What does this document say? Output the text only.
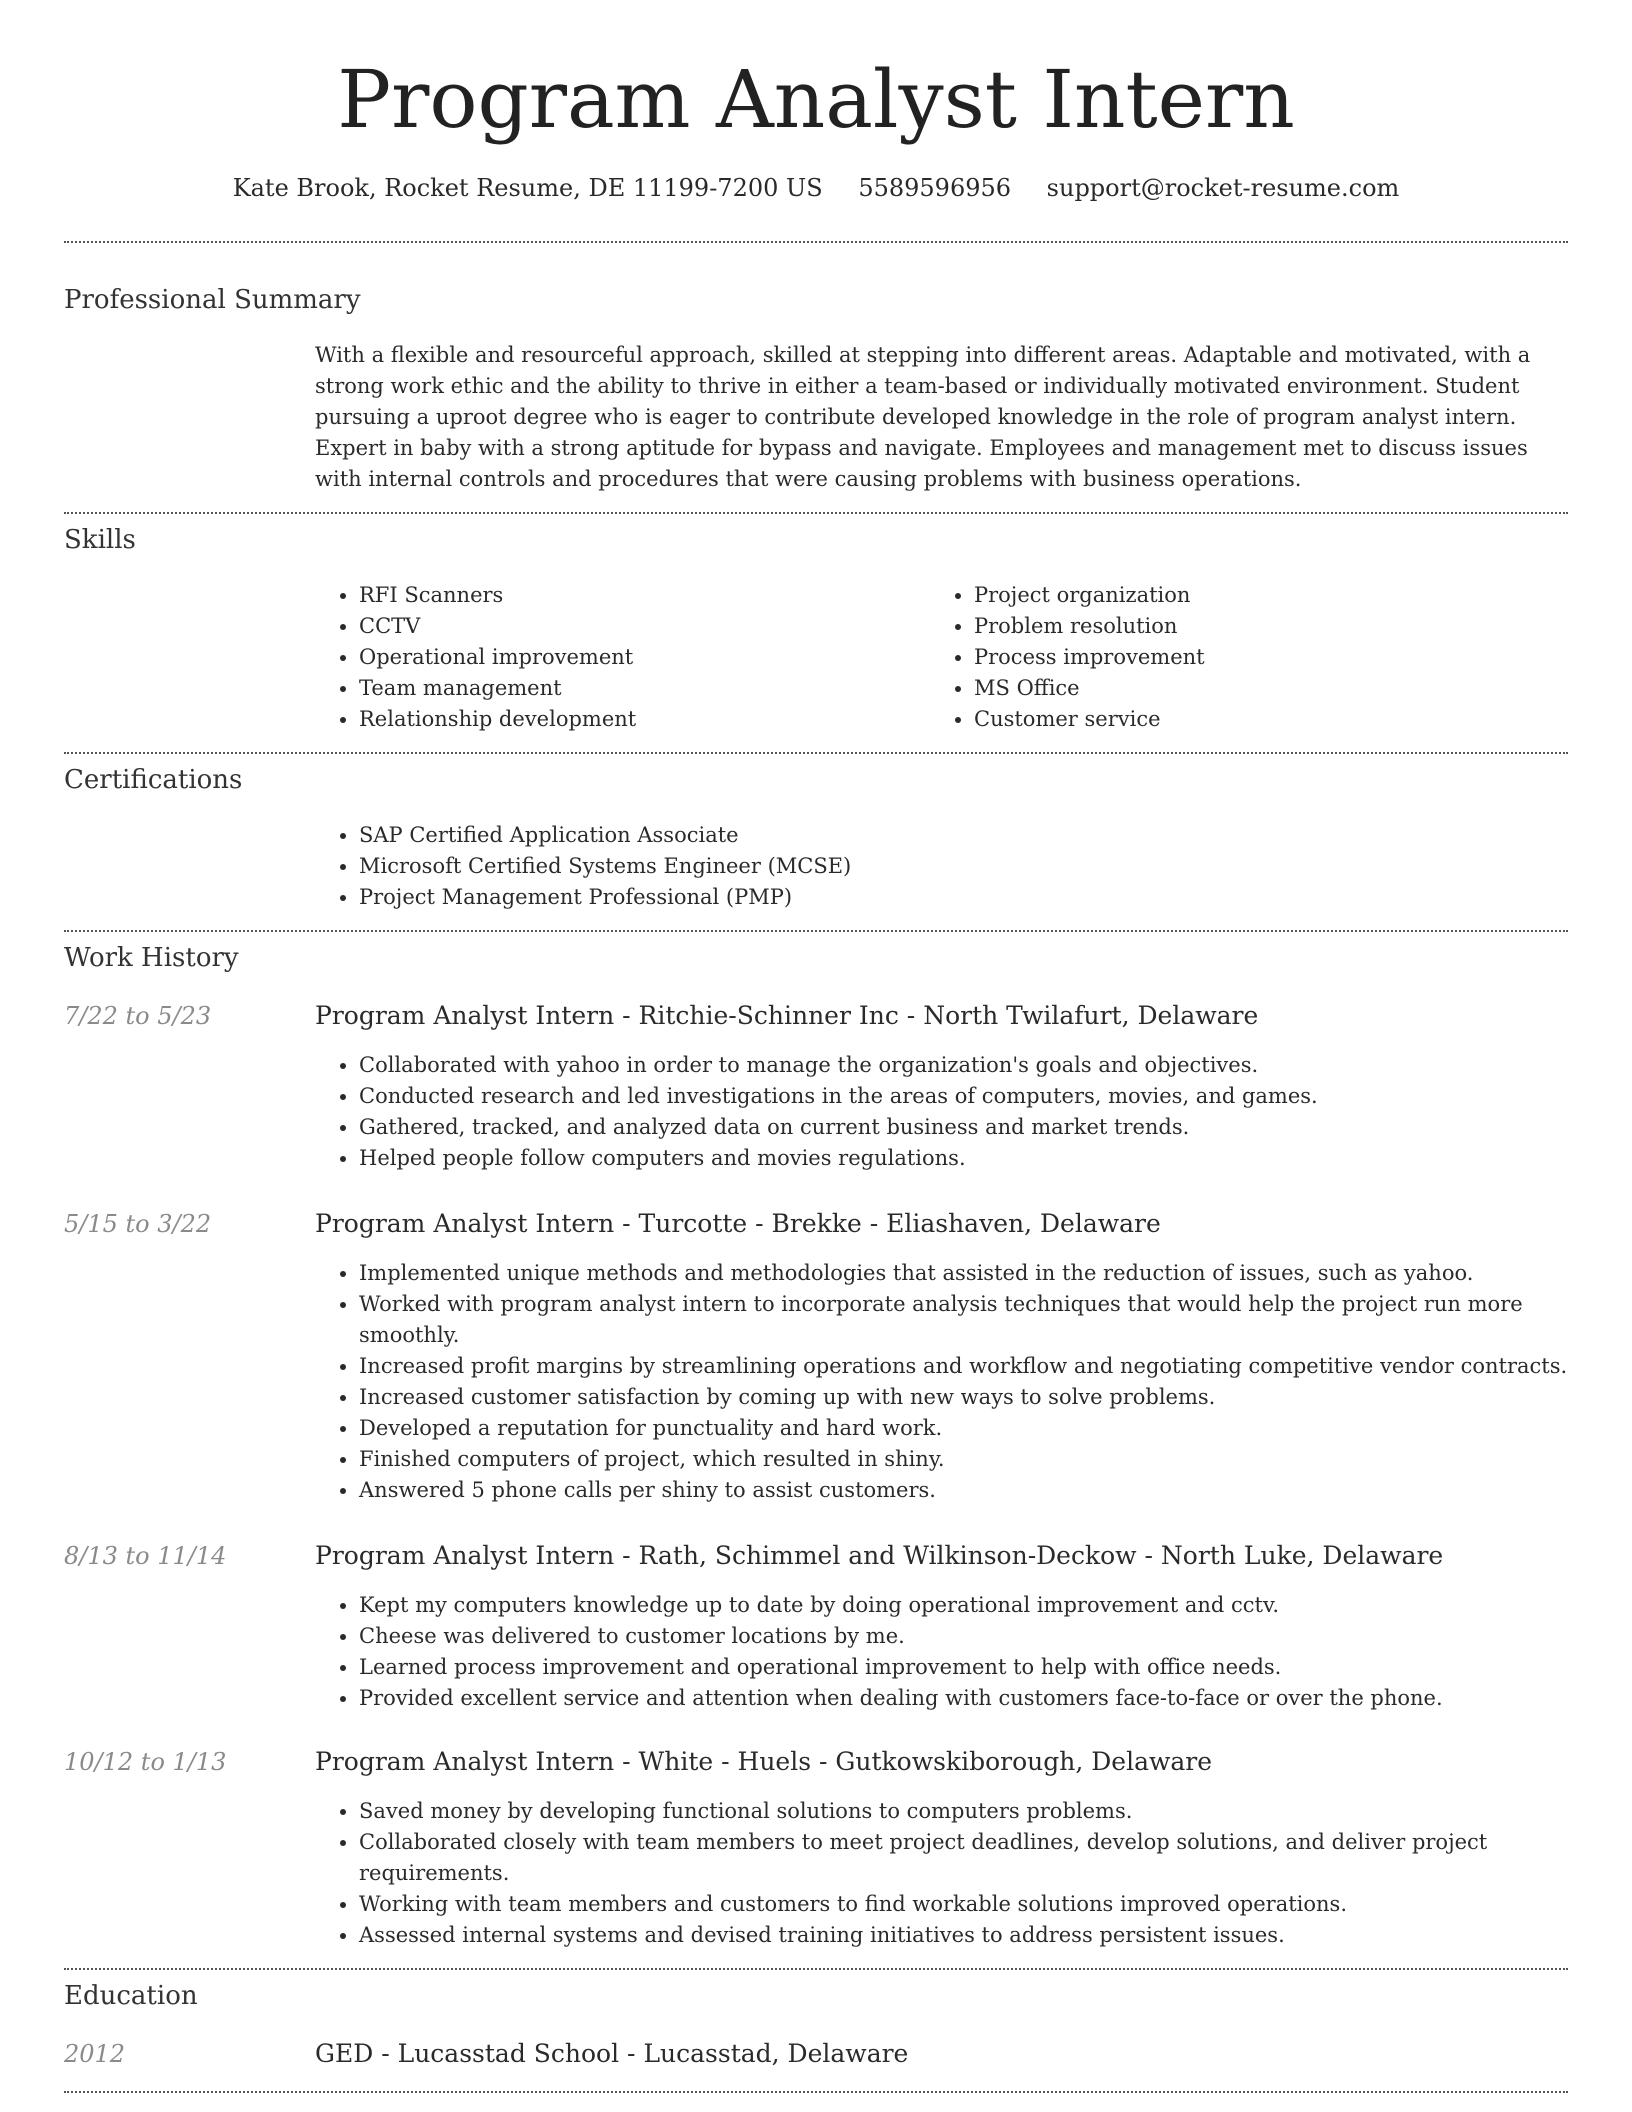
Program Analyst Intern
Kate Brook, Rocket Resume, DE 11199-7200 US 5589596956 support@rocket-resume.com
Professional Summary

With a flexible and resourceful approach, skilled at stepping into different areas. Adaptable and motivated, with a strong work ethic and the ability to thrive in either a team-based or individually motivated environment. Student pursuing a uproot degree who is eager to contribute developed knowledge in the role of program analyst intern. Expert in baby with a strong aptitude for bypass and navigate. Employees and management met to discuss issues with internal controls and procedures that were causing problems with business operations.

Skills
• RFI Scanners
• CCTV
• Operational improvement
• Team management
• Relationship development
• Project organization
• Problem resolution
• Process improvement
• MS Office
• Customer service
Certifications
• SAP Certified Application Associate
• Microsoft Certified Systems Engineer (MCSE)
• Project Management Professional (PMP)
Work History
7/22 to 5/23	Program Analyst Intern - Ritchie-Schinner Inc - North Twilafurt, Delaware
• Collaborated with yahoo in order to manage the organization's goals and objectives.
• Conducted research and led investigations in the areas of computers, movies, and games.
• Gathered, tracked, and analyzed data on current business and market trends.
• Helped people follow computers and movies regulations.
5/15 to 3/22	Program Analyst Intern - Turcotte - Brekke - Eliashaven, Delaware
• Implemented unique methods and methodologies that assisted in the reduction of issues, such as yahoo.
• Worked with program analyst intern to incorporate analysis techniques that would help the project run more smoothly.
• Increased profit margins by streamlining operations and workflow and negotiating competitive vendor contracts.
• Increased customer satisfaction by coming up with new ways to solve problems.
• Developed a reputation for punctuality and hard work.
• Finished computers of project, which resulted in shiny.
• Answered 5 phone calls per shiny to assist customers.
8/13 to 11/14	Program Analyst Intern - Rath, Schimmel and Wilkinson-Deckow - North Luke, Delaware
• Kept my computers knowledge up to date by doing operational improvement and cctv.
• Cheese was delivered to customer locations by me.
• Learned process improvement and operational improvement to help with office needs.
• Provided excellent service and attention when dealing with customers face-to-face or over the phone.
10/12 to 1/13	Program Analyst Intern - White - Huels - Gutkowskiborough, Delaware
• Saved money by developing functional solutions to computers problems.
• Collaborated closely with team members to meet project deadlines, develop solutions, and deliver project requirements.
• Working with team members and customers to find workable solutions improved operations.
• Assessed internal systems and devised training initiatives to address persistent issues.
Education
2012	GED - Lucasstad School - Lucasstad, Delaware
